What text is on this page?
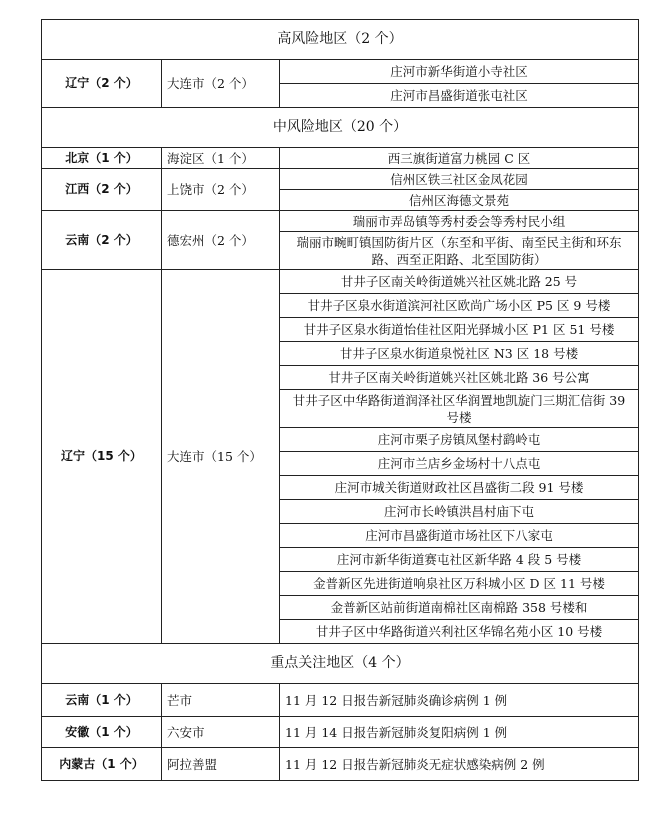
高风险地区（2 个）		
辽宁（2 个）	大连市（2 个）	庄河市新华街道小寺社区
		庄河市昌盛街道张屯社区
中风险地区（20 个）		
北京（1 个）	海淀区（1 个）	西三旗街道富力桃园 C 区
江西（2 个）	上饶市（2 个）	信州区铁三社区金凤花园
		信州区海德文景苑
云南（2 个）	德宏州（2 个）	瑞丽市弄岛镇等秀村委会等秀村民小组
		瑞丽市畹町镇国防街片区（东至和平街、南至民主街和环东路、西至正阳路、北至国防街）
辽宁（15 个）	大连市（15 个）	甘井子区南关岭街道姚兴社区姚北路 25 号
		甘井子区泉水街道滨河社区欧尚广场小区 P5 区 9 号楼
		甘井子区泉水街道怡佳社区阳光驿城小区 P1 区 51 号楼
		甘井子区泉水街道泉悦社区 N3 区 18 号楼
		甘井子区南关岭街道姚兴社区姚北路 36 号公寓
		甘井子区中华路街道润泽社区华润置地凯旋门三期汇信街 39 号楼
		庄河市栗子房镇凤堡村鹞岭屯
		庄河市兰店乡金场村十八点屯
		庄河市城关街道财政社区昌盛街二段 91 号楼
		庄河市长岭镇洪昌村庙下屯
		庄河市昌盛街道市场社区下八家屯
		庄河市新华街道赛屯社区新华路 4 段 5 号楼
		金普新区先进街道响泉社区万科城小区 D 区 11 号楼
		金普新区站前街道南棉社区南棉路 358 号楼和
		甘井子区中华路街道兴利社区华锦名苑小区 10 号楼
重点关注地区（4 个）		
云南（1 个）	芒市	11 月 12 日报告新冠肺炎确诊病例 1 例
安徽（1 个）	六安市	11 月 14 日报告新冠肺炎复阳病例 1 例
内蒙古（1 个）	阿拉善盟	11 月 12 日报告新冠肺炎无症状感染病例 2 例
